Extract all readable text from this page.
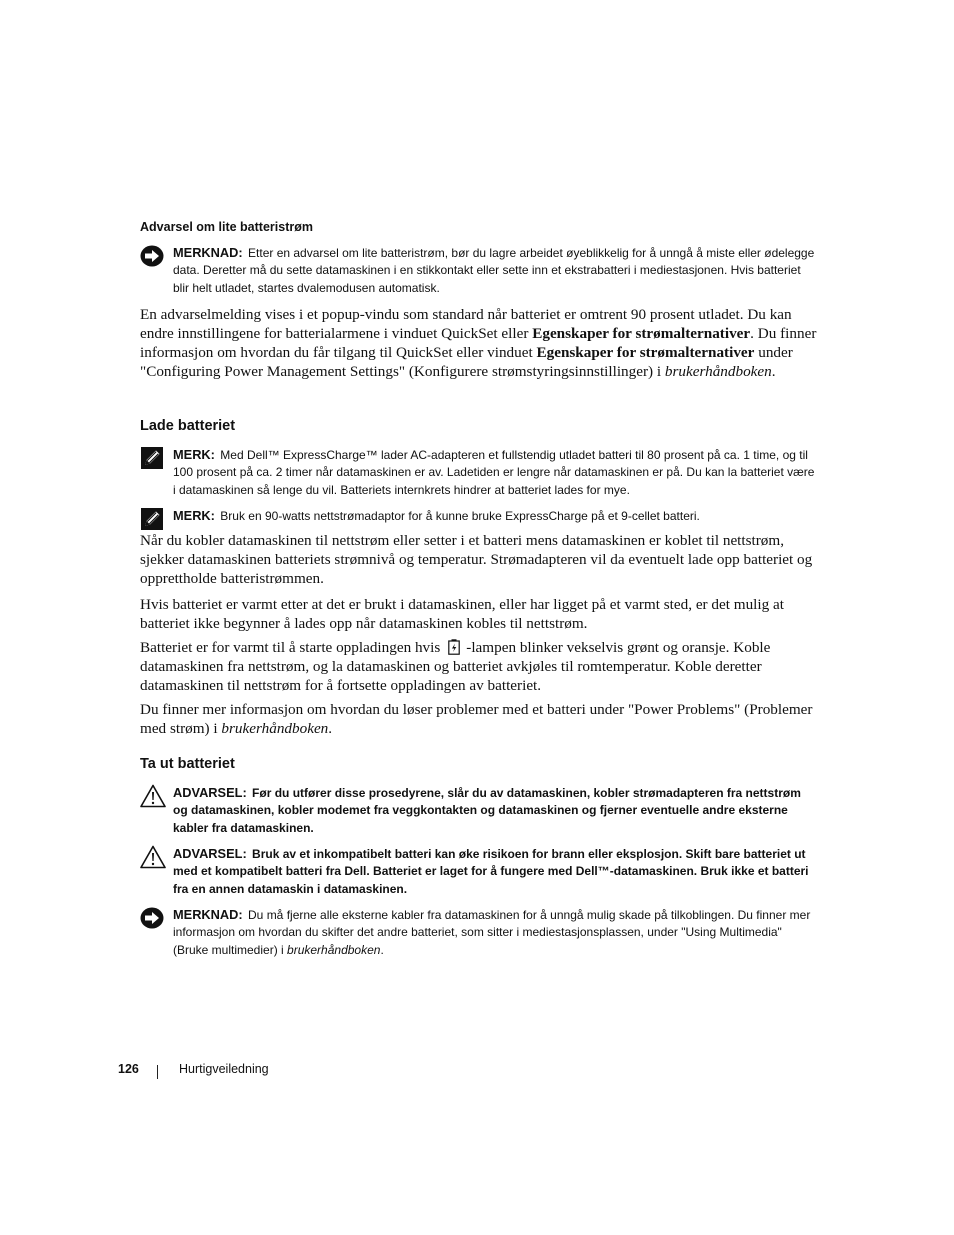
Advarsel om lite batteristrøm
MERKNAD: Etter en advarsel om lite batteristrøm, bør du lagre arbeidet øyeblikkelig for å unngå å miste eller ødelegge data. Deretter må du sette datamaskinen i en stikkontakt eller sette inn et ekstrabatteri i mediestasjonen. Hvis batteriet blir helt utladet, startes dvalemodusen automatisk.
En advarselmelding vises i et popup-vindu som standard når batteriet er omtrent 90 prosent utladet. Du kan endre innstillingene for batterialarmene i vinduet QuickSet eller Egenskaper for strømalternativer. Du finner informasjon om hvordan du får tilgang til QuickSet eller vinduet Egenskaper for strømalternativer under "Configuring Power Management Settings" (Konfigurere strømstyringsinnstillinger) i brukerhåndboken.
Lade batteriet
MERK: Med Dell™ ExpressCharge™ lader AC-adapteren et fullstendig utladet batteri til 80 prosent på ca. 1 time, og til 100 prosent på ca. 2 timer når datamaskinen er av. Ladetiden er lengre når datamaskinen er på. Du kan la batteriet være i datamaskinen så lenge du vil. Batteriets internkrets hindrer at batteriet lades for mye.
MERK: Bruk en 90-watts nettstrømadaptor for å kunne bruke ExpressCharge på et 9-cellet batteri.
Når du kobler datamaskinen til nettstrøm eller setter i et batteri mens datamaskinen er koblet til nettstrøm, sjekker datamaskinen batteriets strømnivå og temperatur. Strømadapteren vil da eventuelt lade opp batteriet og opprettholde batteristrømmen.
Hvis batteriet er varmt etter at det er brukt i datamaskinen, eller har ligget på et varmt sted, er det mulig at batteriet ikke begynner å lades opp når datamaskinen kobles til nettstrøm.
Batteriet er for varmt til å starte oppladingen hvis -lampen blinker vekselvis grønt og oransje. Koble datamaskinen fra nettstrøm, og la datamaskinen og batteriet avkjøles til romtemperatur. Koble deretter datamaskinen til nettstrøm for å fortsette oppladingen av batteriet.
Du finner mer informasjon om hvordan du løser problemer med et batteri under "Power Problems" (Problemer med strøm) i brukerhåndboken.
Ta ut batteriet
ADVARSEL: Før du utfører disse prosedyrene, slår du av datamaskinen, kobler strømadapteren fra nettstrøm og datamaskinen, kobler modemet fra veggkontakten og datamaskinen og fjerner eventuelle andre eksterne kabler fra datamaskinen.
ADVARSEL: Bruk av et inkompatibelt batteri kan øke risikoen for brann eller eksplosjon. Skift bare batteriet ut med et kompatibelt batteri fra Dell. Batteriet er laget for å fungere med Dell™-datamaskinen. Bruk ikke et batteri fra en annen datamaskin i datamaskinen.
MERKNAD: Du må fjerne alle eksterne kabler fra datamaskinen for å unngå mulig skade på tilkoblingen. Du finner mer informasjon om hvordan du skifter det andre batteriet, som sitter i mediestasjonsplassen, under "Using Multimedia" (Bruke multimedier) i brukerhåndboken.
126	Hurtigveiledning
